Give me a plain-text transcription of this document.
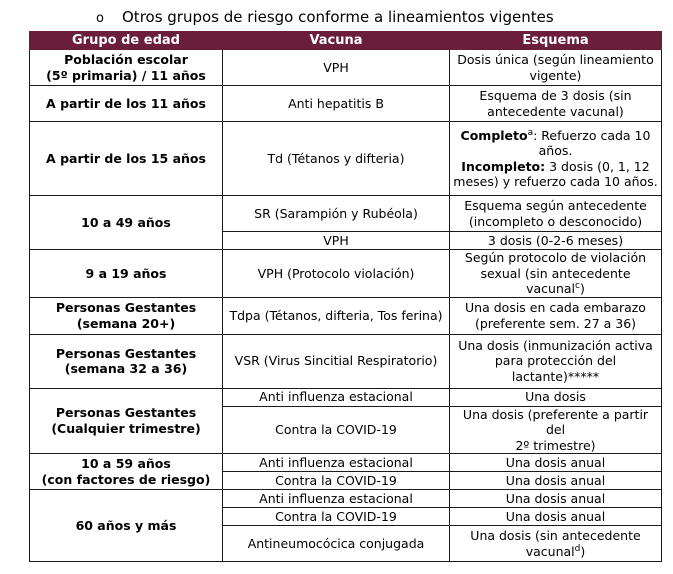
o Otros grupos de riesgo conforme a lineamientos vigentes
Grupo de edad	Vacuna	Esquema

Población escolar
(5º primaria) / 11 años	VPH	Dosis única (según lineamiento
vigente)

A partir de los 11 años	Anti hepatitis B	Esquema de 3 dosis (sin
antecedente vacunal)

A partir de los 15 años	Td (Tétanos y difteria)	Completo$^a$: Refuerzo cada 10
años.
Incompleto: 3 dosis (0, 1, 12
meses) y refuerzo cada 10 años.

10 a 49 años	SR (Sarampión y Rubéola)	Esquema según antecedente
(incompleto o desconocido)

	VPH	3 dosis (0-2-6 meses)

9 a 19 años	VPH (Protocolo violación)	Según protocolo de violación
sexual (sin antecedente vacunal$^c$)

Personas Gestantes
(semana 20+)	Tdpa (Tétanos, difteria, Tos ferina)	Una dosis en cada embarazo
(preferente sem. 27 a 36)

Personas Gestantes
(semana 32 a 36)	VSR (Virus Sincitial Respiratorio)	Una dosis (inmunización activa
para protección del
lactante)*****

Personas Gestantes
(Cualquier trimestre)	Anti influenza estacional	Una dosis

	Contra la COVID-19	Una dosis (preferente a partir del
2º trimestre)

10 a 59 años
(con factores de riesgo)	Anti influenza estacional	Una dosis anual

	Contra la COVID-19	Una dosis anual

60 años y más	Anti influenza estacional	Una dosis anual

	Contra la COVID-19	Una dosis anual

	Antineumocócica conjugada	Una dosis (sin antecedente
vacunal$^d$)
